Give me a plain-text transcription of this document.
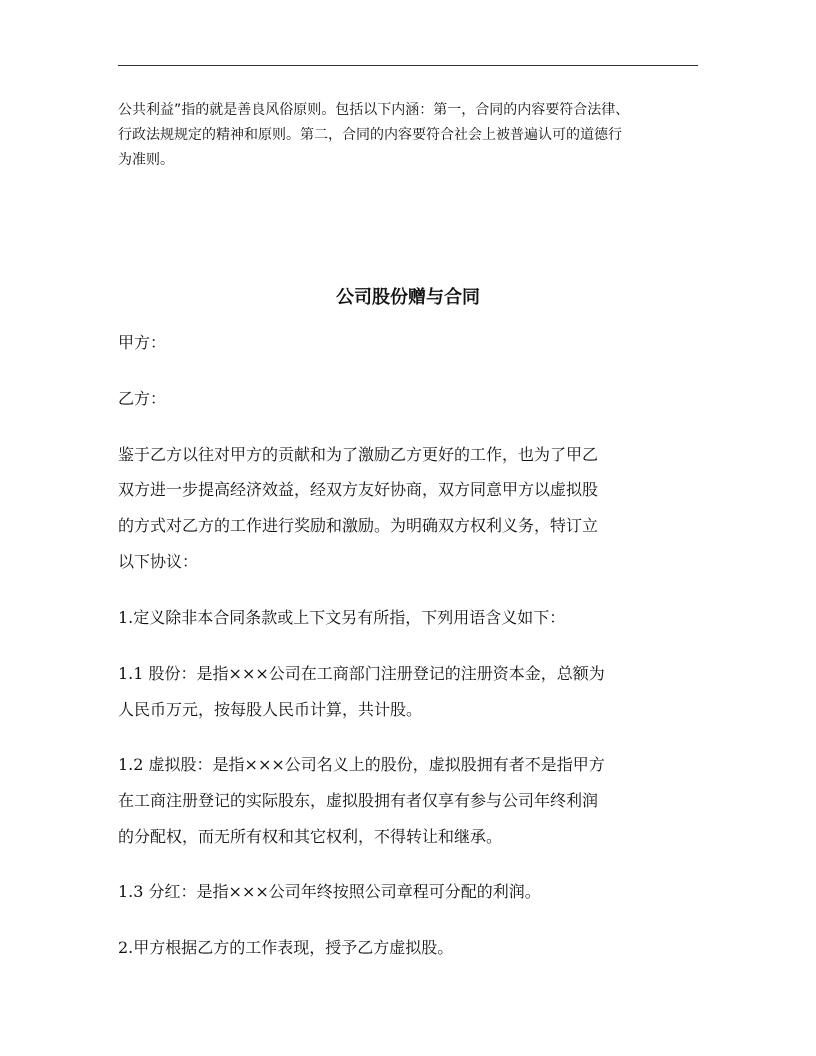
公共利益”指的就是善良风俗原则。包括以下内涵：第一，合同的内容要符合法律、
行政法规规定的精神和原则。第二，合同的内容要符合社会上被普遍认可的道德行
为准则。
公司股份赠与合同
甲方：
乙方：
鉴于乙方以往对甲方的贡献和为了激励乙方更好的工作，也为了甲乙
双方进一步提高经济效益，经双方友好协商，双方同意甲方以虚拟股
的方式对乙方的工作进行奖励和激励。为明确双方权利义务，特订立
以下协议：
1.定义除非本合同条款或上下文另有所指，下列用语含义如下：
1.1 股份：是指×××公司在工商部门注册登记的注册资本金，总额为
人民币万元，按每股人民币计算，共计股。
1.2 虚拟股：是指×××公司名义上的股份，虚拟股拥有者不是指甲方
在工商注册登记的实际股东，虚拟股拥有者仅享有参与公司年终利润
的分配权，而无所有权和其它权利，不得转让和继承。
1.3 分红：是指×××公司年终按照公司章程可分配的利润。
2.甲方根据乙方的工作表现，授予乙方虚拟股。
